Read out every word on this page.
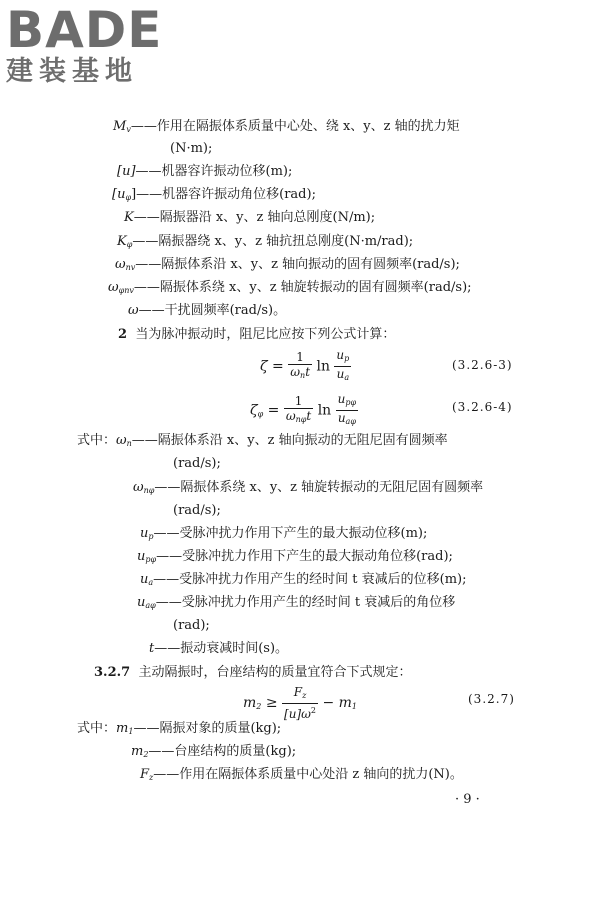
BADE
建装基地
$M_v——$作用在隔振体系质量中心处、绕 x、y、z 轴的扰力矩
(N·m);
[u]——机器容许振动位移(m);
$[u_\varphi]——$机器容许振动角位移(rad);
K——隔振器沿 x、y、z 轴向总刚度(N/m);
$K_\varphi——$隔振器绕 x、y、z 轴抗扭总刚度(N·m/rad);
$\omega_{nv}——$隔振体系沿 x、y、z 轴向振动的固有圆频率(rad/s);
$\omega_{\varphi nv}——$隔振体系绕 x、y、z 轴旋转振动的固有圆频率(rad/s);
ω——干扰圆频率(rad/s)。
2 当为脉冲振动时，阻尼比应按下列公式计算：
$\zeta = \frac{1}{\omega_nt}$ $\ln \frac{u_p}{u_a}$	(3.2.6-3)
$\zeta_\varphi = \frac{1}{\omega_{n\varphi}t}$ $\ln \frac{u_{p\varphi}}{u_{a\varphi}}$	(3.2.6-4)
式中：$\omega_n——$隔振体系沿 x、y、z 轴向振动的无阻尼固有圆频率
(rad/s);
$\omega_{n\varphi}——$隔振体系绕 x、y、z 轴旋转振动的无阻尼固有圆频率
(rad/s);
$u_p——$受脉冲扰力作用下产生的最大振动位移(m);
$u_{p\varphi}——$受脉冲扰力作用下产生的最大振动角位移(rad);
$u_a——$受脉冲扰力作用产生的经时间 t 衰减后的位移(m);
$u_{a\varphi}——$受脉冲扰力作用产生的经时间 t 衰减后的角位移
(rad);
t——振动衰减时间(s)。
3.2.7 主动隔振时，台座结构的质量宜符合下式规定：
$m_2 \ge \frac{F_z}{[u]\omega^2} - m_1$
(3.2.7)
式中：$m_1——$隔振对象的质量(kg);
$m_2——$台座结构的质量(kg);
$F_z——$作用在隔振体系质量中心处沿 z 轴向的扰力(N)。
· 9 ·
